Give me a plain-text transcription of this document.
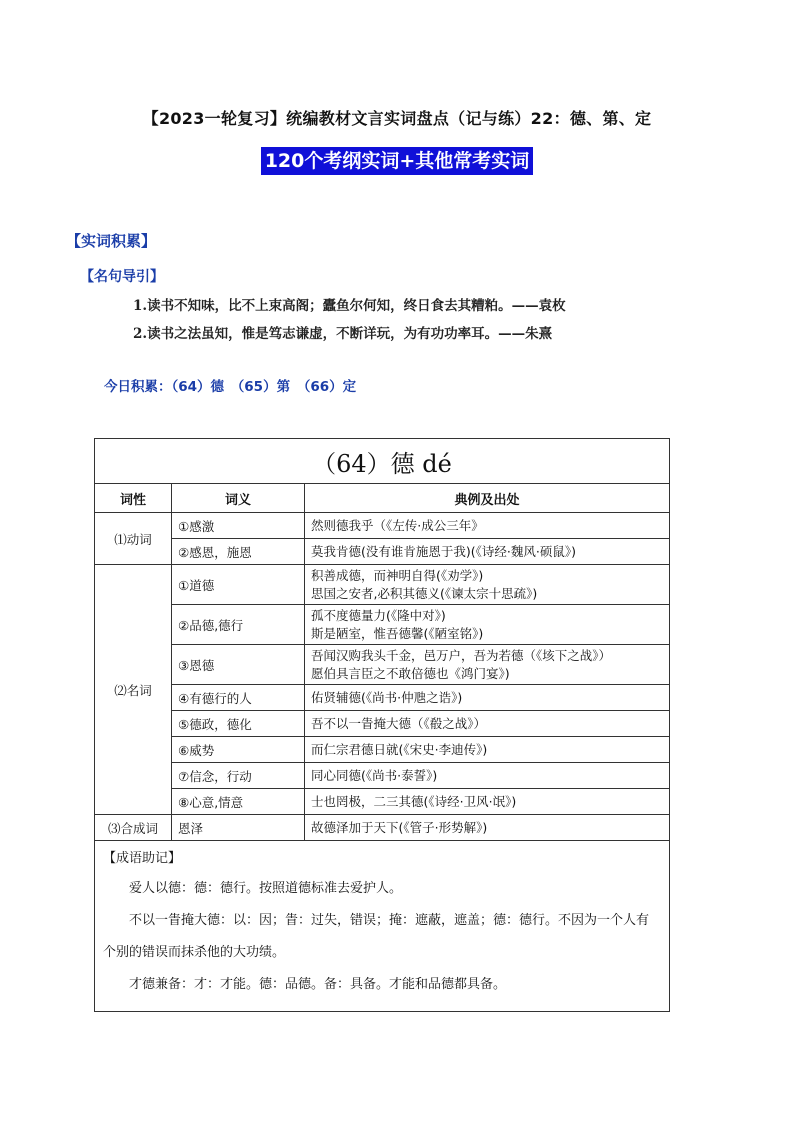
【2023一轮复习】统编教材文言实词盘点（记与练）22：德、第、定
120个考纲实词+其他常考实词
【实词积累】
【名句导引】
1.读书不知味，比不上束高阁；蠹鱼尔何知，终日食去其糟粕。——袁枚
2.读书之法虽知，惟是笃志谦虚，不断详玩，为有功功率耳。——朱熹
今日积累：（64）德　（65）第　（66）定
（64）德 dé		
词性	词义	典例及出处
⑴动词	①感激	然则德我乎（《左传·成公三年》

	②感恩，施恩	莫我肯德(没有谁肯施恩于我)(《诗经·魏风·硕鼠》)

⑵名词	①道德	积善成德，而神明自得(《劝学》)
思国之安者,必积其德义(《谏太宗十思疏》)

	②品德,德行	孤不度德量力(《隆中对》)
斯是陋室，惟吾德馨(《陋室铭》)

	③恩德	吾闻汉购我头千金，邑万户，吾为若德（《垓下之战》）
愿伯具言臣之不敢倍德也《鸿门宴》)

	④有德行的人	佑贤辅德(《尚书·仲虺之诰》)

	⑤德政，德化	吾不以一眚掩大德（《殽之战》）

	⑥威势	而仁宗君德日就(《宋史·李迪传》)

	⑦信念，行动	同心同德(《尚书·泰誓》)

	⑧心意,情意	士也罔极，二三其德(《诗经·卫风·氓》)

⑶合成词	恩泽	故德泽加于天下(《管子·形势解》)

【成语助记】

爱人以德：德：德行。按照道德标准去爱护人。

不以一眚掩大德：以：因；眚：过失，错误；掩：遮蔽，遮盖；德：德行。不因为一个人有个别的错误而抹杀他的大功绩。

才德兼备：才：才能。德：品德。备：具备。才能和品德都具备。		
